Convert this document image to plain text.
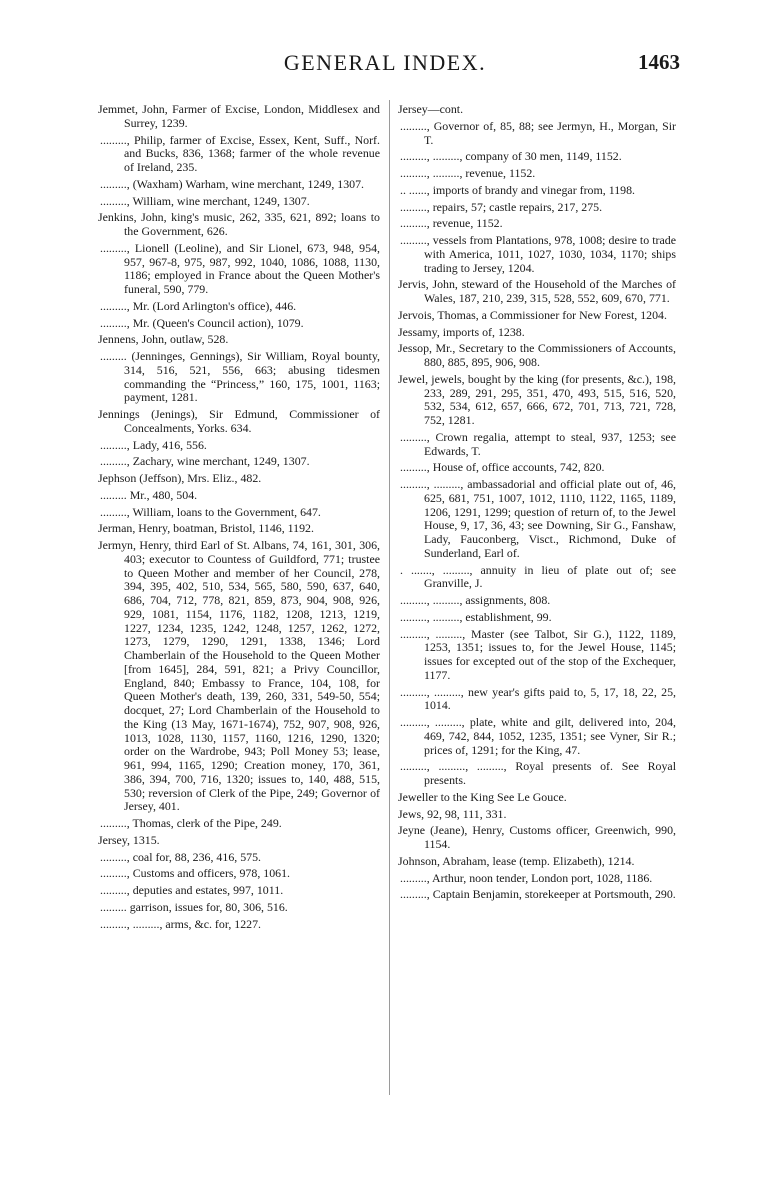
GENERAL INDEX.	1463

Jemmet, John, Farmer of Excise, London, Middlesex and Surrey, 1239.

........., Philip, farmer of Excise, Essex, Kent, Suff., Norf. and Bucks, 836, 1368; farmer of the whole revenue of Ireland, 235.

........., (Waxham) Warham, wine merchant, 1249, 1307.

........., William, wine merchant, 1249, 1307.

Jenkins, John, king's music, 262, 335, 621, 892; loans to the Government, 626.

........., Lionell (Leoline), and Sir Lionel, 673, 948, 954, 957, 967-8, 975, 987, 992, 1040, 1086, 1088, 1130, 1186; employed in France about the Queen Mother's funeral, 590, 779.

........., Mr. (Lord Arlington's office), 446.

........., Mr. (Queen's Council action), 1079.

Jennens, John, outlaw, 528.

......... (Jenninges, Gennings), Sir William, Royal bounty, 314, 516, 521, 556, 663; abusing tidesmen commanding the “Princess,” 160, 175, 1001, 1163; payment, 1281.

Jennings (Jenings), Sir Edmund, Commissioner of Concealments, Yorks. 634.

........., Lady, 416, 556.

........., Zachary, wine merchant, 1249, 1307.

Jephson (Jeffson), Mrs. Eliz., 482.

......... Mr., 480, 504.

........., William, loans to the Government, 647.

Jerman, Henry, boatman, Bristol, 1146, 1192.

Jermyn, Henry, third Earl of St. Albans, 74, 161, 301, 306, 403; executor to Countess of Guildford, 771; trustee to Queen Mother and member of her Council, 278, 394, 395, 402, 510, 534, 565, 580, 590, 637, 640, 686, 704, 712, 778, 821, 859, 873, 904, 908, 926, 929, 1081, 1154, 1176, 1182, 1208, 1213, 1219, 1227, 1234, 1235, 1242, 1248, 1257, 1262, 1272, 1273, 1279, 1290, 1291, 1338, 1346; Lord Chamberlain of the Household to the Queen Mother [from 1645], 284, 591, 821; a Privy Councillor, England, 840; Embassy to France, 104, 108, for Queen Mother's death, 139, 260, 331, 549-50, 554; docquet, 27; Lord Chamberlain of the Household to the King (13 May, 1671-1674), 752, 907, 908, 926, 1013, 1028, 1130, 1157, 1160, 1216, 1290, 1320; order on the Wardrobe, 943; Poll Money 53; lease, 961, 994, 1165, 1290; Creation money, 170, 361, 386, 394, 700, 716, 1320; issues to, 140, 488, 515, 530; reversion of Clerk of the Pipe, 249; Governor of Jersey, 401.

........., Thomas, clerk of the Pipe, 249.

Jersey, 1315.

........., coal for, 88, 236, 416, 575.

........., Customs and officers, 978, 1061.

........., deputies and estates, 997, 1011.

......... garrison, issues for, 80, 306, 516.

........., ........., arms, &c. for, 1227.

Jersey—cont.

........., Governor of, 85, 88; see Jermyn, H., Morgan, Sir T.

........., ........., company of 30 men, 1149, 1152.

........., ........., revenue, 1152.

.. ......, imports of brandy and vinegar from, 1198.

........., repairs, 57; castle repairs, 217, 275.

........., revenue, 1152.

........., vessels from Plantations, 978, 1008; desire to trade with America, 1011, 1027, 1030, 1034, 1170; ships trading to Jersey, 1204.

Jervis, John, steward of the Household of the Marches of Wales, 187, 210, 239, 315, 528, 552, 609, 670, 771.

Jervois, Thomas, a Commissioner for New Forest, 1204.

Jessamy, imports of, 1238.

Jessop, Mr., Secretary to the Commissioners of Accounts, 880, 885, 895, 906, 908.

Jewel, jewels, bought by the king (for presents, &c.), 198, 233, 289, 291, 295, 351, 470, 493, 515, 516, 520, 532, 534, 612, 657, 666, 672, 701, 713, 721, 728, 752, 1281.

........., Crown regalia, attempt to steal, 937, 1253; see Edwards, T.

........., House of, office accounts, 742, 820.

........., ........., ambassadorial and official plate out of, 46, 625, 681, 751, 1007, 1012, 1110, 1122, 1165, 1189, 1206, 1291, 1299; question of return of, to the Jewel House, 9, 17, 36, 43; see Downing, Sir G., Fanshaw, Lady, Fauconberg, Visct., Richmond, Duke of Sunderland, Earl of.

. ......., ........., annuity in lieu of plate out of; see Granville, J.

........., ........., assignments, 808.

........., ........., establishment, 99.

........., ........., Master (see Talbot, Sir G.), 1122, 1189, 1253, 1351; issues to, for the Jewel House, 1145; issues for excepted out of the stop of the Exchequer, 1177.

........., ........., new year's gifts paid to, 5, 17, 18, 22, 25, 1014.

........., ........., plate, white and gilt, delivered into, 204, 469, 742, 844, 1052, 1235, 1351; see Vyner, Sir R.; prices of, 1291; for the King, 47.

........., ........., ........., Royal presents of. See Royal presents.

Jeweller to the King See Le Gouce.

Jews, 92, 98, 111, 331.

Jeyne (Jeane), Henry, Customs officer, Greenwich, 990, 1154.

Johnson, Abraham, lease (temp. Elizabeth), 1214.

........., Arthur, noon tender, London port, 1028, 1186.

........., Captain Benjamin, storekeeper at Portsmouth, 290.
